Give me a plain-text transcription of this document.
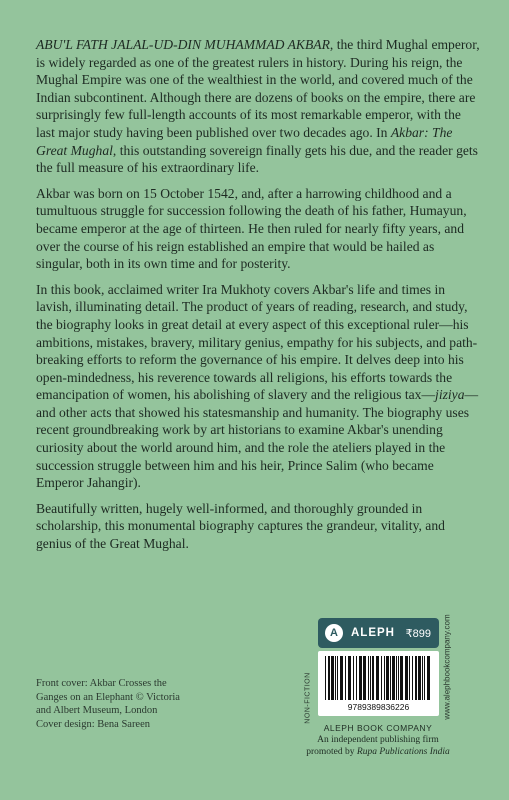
ABU'L FATH JALAL-UD-DIN MUHAMMAD AKBAR, the third Mughal emperor, is widely regarded as one of the greatest rulers in history. During his reign, the Mughal Empire was one of the wealthiest in the world, and covered much of the Indian subcontinent. Although there are dozens of books on the empire, there are surprisingly few full-length accounts of its most remarkable emperor, with the last major study having been published over two decades ago. In Akbar: The Great Mughal, this outstanding sovereign finally gets his due, and the reader gets the full measure of his extraordinary life.

Akbar was born on 15 October 1542, and, after a harrowing childhood and a tumultuous struggle for succession following the death of his father, Humayun, became emperor at the age of thirteen. He then ruled for nearly fifty years, and over the course of his reign established an empire that would be hailed as singular, both in its own time and for posterity.

In this book, acclaimed writer Ira Mukhoty covers Akbar's life and times in lavish, illuminating detail. The product of years of reading, research, and study, the biography looks in great detail at every aspect of this exceptional ruler—his ambitions, mistakes, bravery, military genius, empathy for his subjects, and path-breaking efforts to reform the governance of his empire. It delves deep into his open-mindedness, his reverence towards all religions, his efforts towards the emancipation of women, his abolishing of slavery and the religious tax—jiziya—and other acts that showed his statesmanship and humanity. The biography uses recent groundbreaking work by art historians to examine Akbar's unending curiosity about the world around him, and the role the ateliers played in the succession struggle between him and his heir, Prince Salim (who became Emperor Jahangir).

Beautifully written, hugely well-informed, and thoroughly grounded in scholarship, this monumental biography captures the grandeur, vitality, and genius of the Great Mughal.

Front cover: Akbar Crosses the
Ganges on an Elephant © Victoria
and Albert Museum, London
Cover design: Bena Sareen
A	ALEPH ₹899
9789389836226
NON-FICTION	www.alephbookcompany.com
ALEPH BOOK COMPANY
An independent publishing firm
promoted by Rupa Publications India
